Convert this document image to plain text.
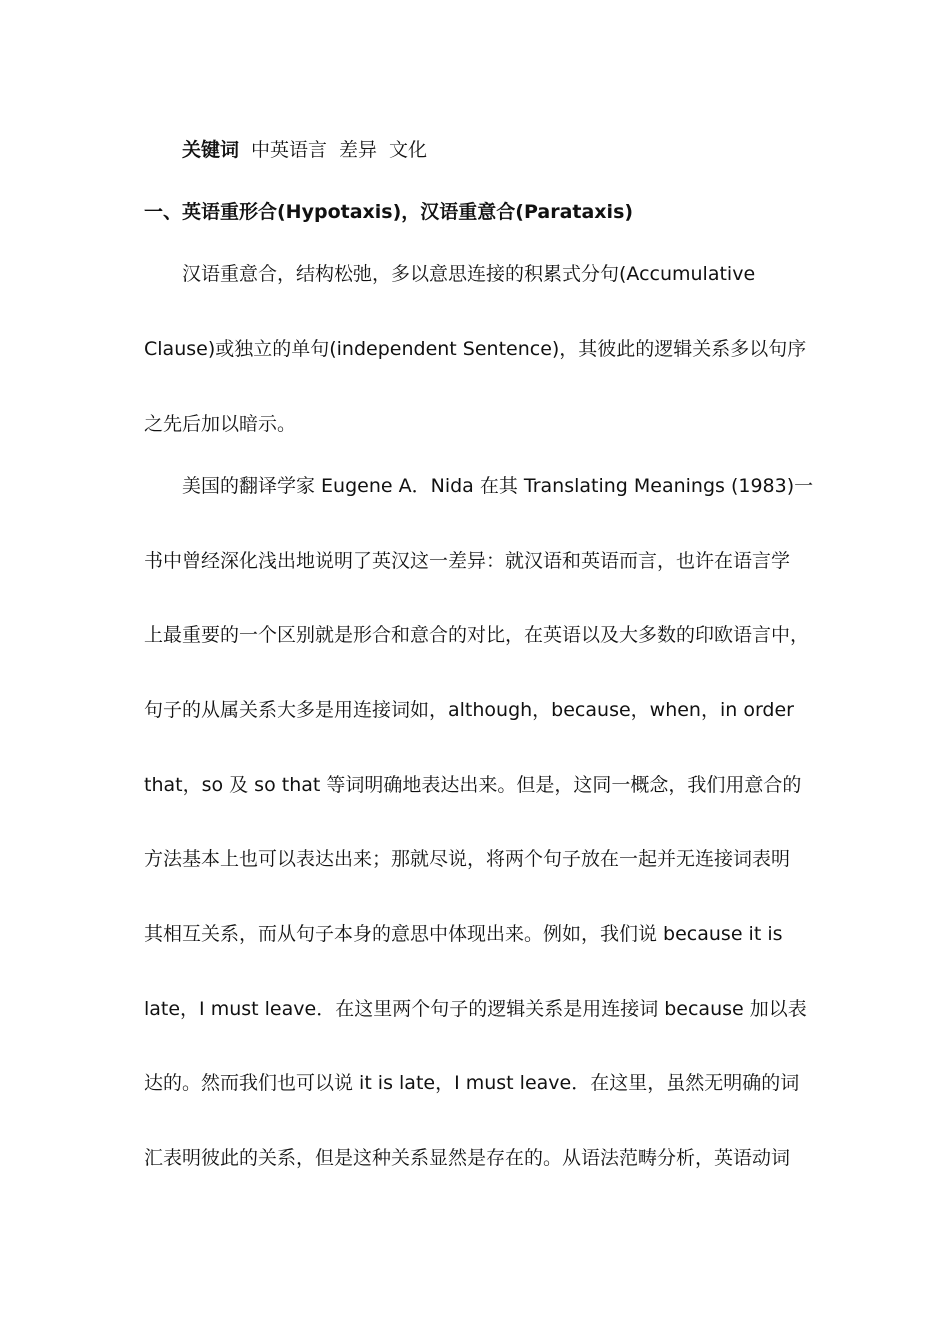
关键词 中英语言 差异 文化
一、英语重形合(Hypotaxis)，汉语重意合(Parataxis)
汉语重意合，结构松弛，多以意思连接的积累式分句(Accumulative
Clause)或独立的单句(independent Sentence)，其彼此的逻辑关系多以句序
之先后加以暗示。
美国的翻译学家 Eugene A．Nida 在其 Translating Meanings (1983)一
书中曾经深化浅出地说明了英汉这一差异：就汉语和英语而言，也许在语言学
上最重要的一个区别就是形合和意合的对比，在英语以及大多数的印欧语言中，
句子的从属关系大多是用连接词如，although，because，when，in order
that，so 及 so that 等词明确地表达出来。但是，这同一概念，我们用意合的
方法基本上也可以表达出来；那就尽说，将两个句子放在一起并无连接词表明
其相互关系，而从句子本身的意思中体现出来。例如，我们说 because it is
late，I must leave．在这里两个句子的逻辑关系是用连接词 because 加以表
达的。然而我们也可以说 it is late，I must leave．在这里，虽然无明确的词
汇表明彼此的关系，但是这种关系显然是存在的。从语法范畴分析，英语动词
